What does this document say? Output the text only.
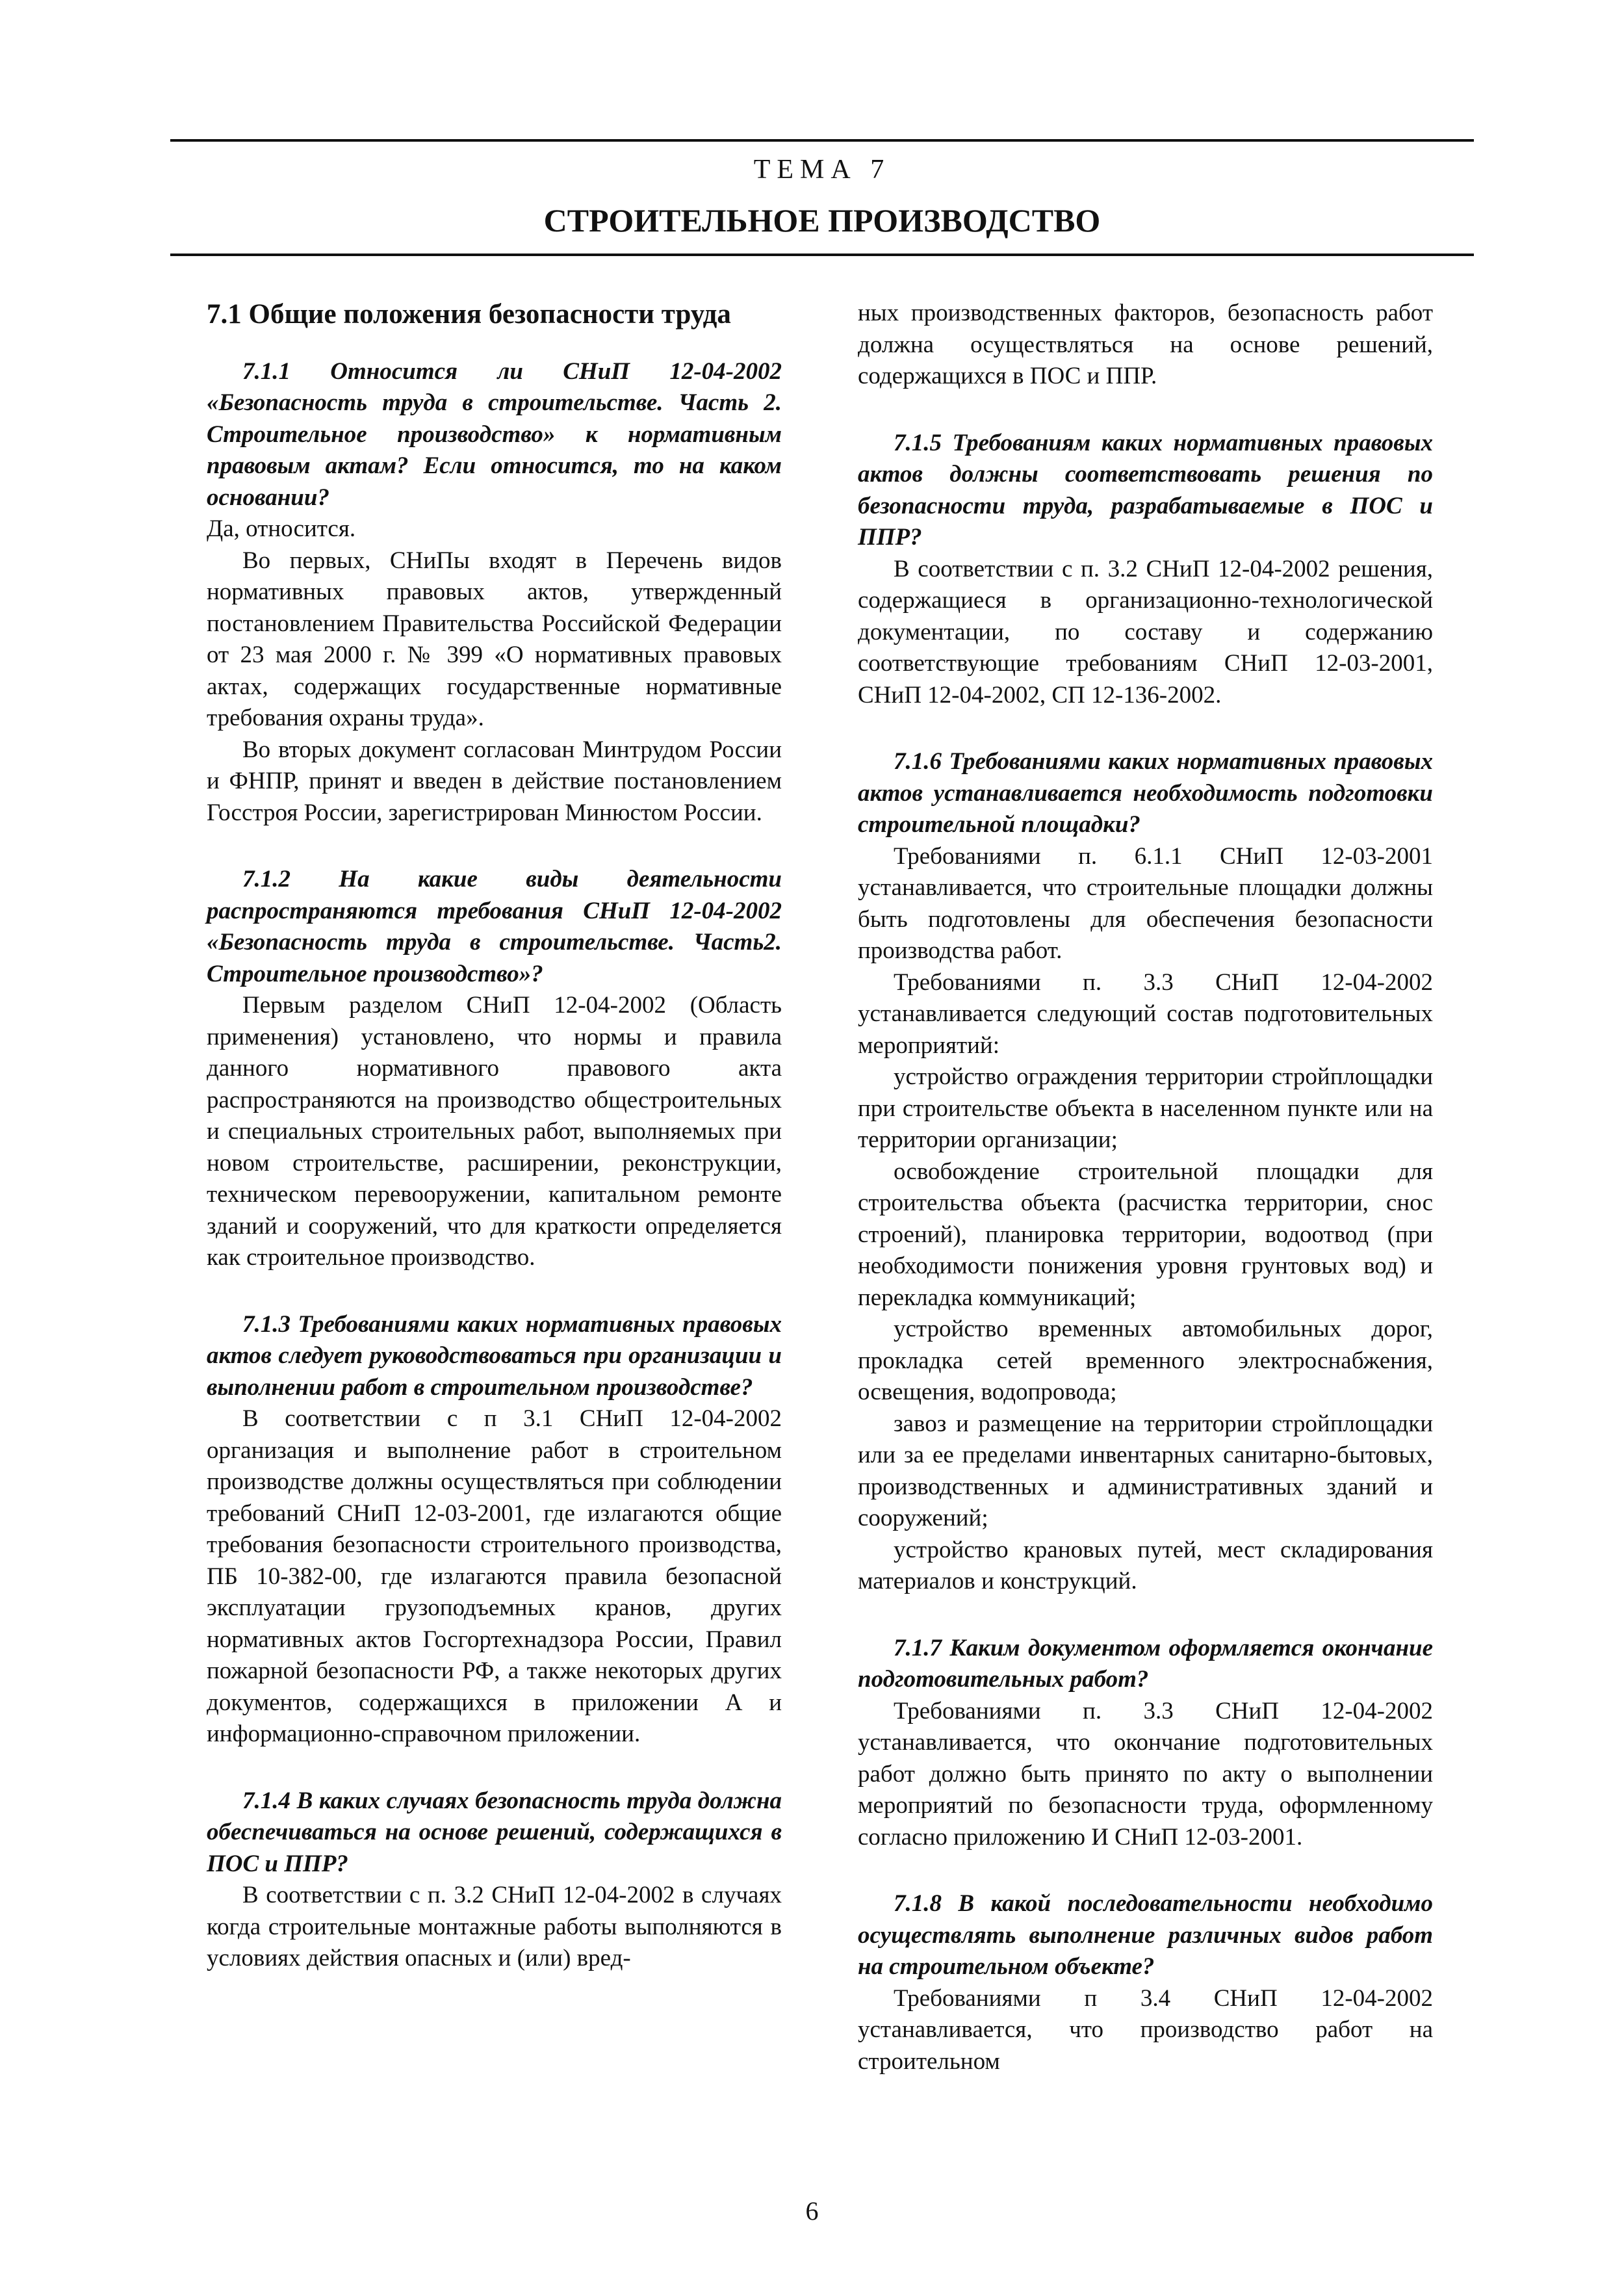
ТЕМА 7
СТРОИТЕЛЬНОЕ ПРОИЗВОДСТВО
7.1 Общие положения безопасности труда

7.1.1 Относится ли СНиП 12-04-2002 «Безопасность труда в строительстве. Часть 2. Строительное производство» к нормативным правовым актам? Если относится, то на каком основании?

Да, относится.

Во первых, СНиПы входят в Перечень видов нормативных правовых актов, утвержденный постановлением Правительства Российской Федерации от 23 мая 2000 г. № 399 «О нормативных правовых актах, содержащих государственные нормативные требования охраны труда».

Во вторых документ согласован Минтрудом России и ФНПР, принят и введен в действие постановлением Госстроя России, зарегистрирован Минюстом России.

7.1.2 На какие виды деятельности распространяются требования СНиП 12-04-2002 «Безопасность труда в строительстве. Часть2. Строительное производство»?

Первым разделом СНиП 12-04-2002 (Область применения) установлено, что нормы и правила данного нормативного правового акта распространяются на производство общестроительных и специальных строительных работ, выполняемых при новом строительстве, расширении, реконструкции, техническом перевооружении, капитальном ремонте зданий и сооружений, что для краткости определяется как строительное производство.

7.1.3 Требованиями каких нормативных правовых актов следует руководствоваться при организации и выполнении работ в строительном производстве?

В соответствии с п 3.1 СНиП 12-04-2002 организация и выполнение работ в строительном производстве должны осуществляться при соблюдении требований СНиП 12-03-2001, где излагаются общие требования безопасности строительного производства, ПБ 10-382-00, где излагаются правила безопасной эксплуатации грузоподъемных кранов, других нормативных актов Госгортехнадзора России, Правил пожарной безопасности РФ, а также некоторых других документов, содержащихся в приложении А и информационно-справочном приложении.

7.1.4 В каких случаях безопасность труда должна обеспечиваться на основе решений, содержащихся в ПОС и ППР?

В соответствии с п. 3.2 СНиП 12-04-2002 в случаях когда строительные монтажные работы выполняются в условиях действия опасных и (или) вред-

ных производственных факторов, безопасность работ должна осуществляться на основе решений, содержащихся в ПОС и ППР.

7.1.5 Требованиям каких нормативных правовых актов должны соответствовать решения по безопасности труда, разрабатываемые в ПОС и ППР?

В соответствии с п. 3.2 СНиП 12-04-2002 решения, содержащиеся в организационно-технологической документации, по составу и содержанию соответствующие требованиям СНиП 12-03-2001, СНиП 12-04-2002, СП 12-136-2002.

7.1.6 Требованиями каких нормативных правовых актов устанавливается необходимость подготовки строительной площадки?

Требованиями п. 6.1.1 СНиП 12-03-2001 устанавливается, что строительные площадки должны быть подготовлены для обеспечения безопасности производства работ.

Требованиями п. 3.3 СНиП 12-04-2002 устанавливается следующий состав подготовительных мероприятий:

устройство ограждения территории стройплощадки при строительстве объекта в населенном пункте или на территории организации;

освобождение строительной площадки для строительства объекта (расчистка территории, снос строений), планировка территории, водоотвод (при необходимости понижения уровня грунтовых вод) и перекладка коммуникаций;

устройство временных автомобильных дорог, прокладка сетей временного электроснабжения, освещения, водопровода;

завоз и размещение на территории стройплощадки или за ее пределами инвентарных санитарно-бытовых, производственных и административных зданий и сооружений;

устройство крановых путей, мест складирования материалов и конструкций.

7.1.7 Каким документом оформляется окончание подготовительных работ?

Требованиями п. 3.3 СНиП 12-04-2002 устанавливается, что окончание подготовительных работ должно быть принято по акту о выполнении мероприятий по безопасности труда, оформленному согласно приложению И СНиП 12-03-2001.

7.1.8 В какой последовательности необходимо осуществлять выполнение различных видов работ на строительном объекте?

Требованиями п 3.4 СНиП 12-04-2002 устанавливается, что производство работ на строительном

6
